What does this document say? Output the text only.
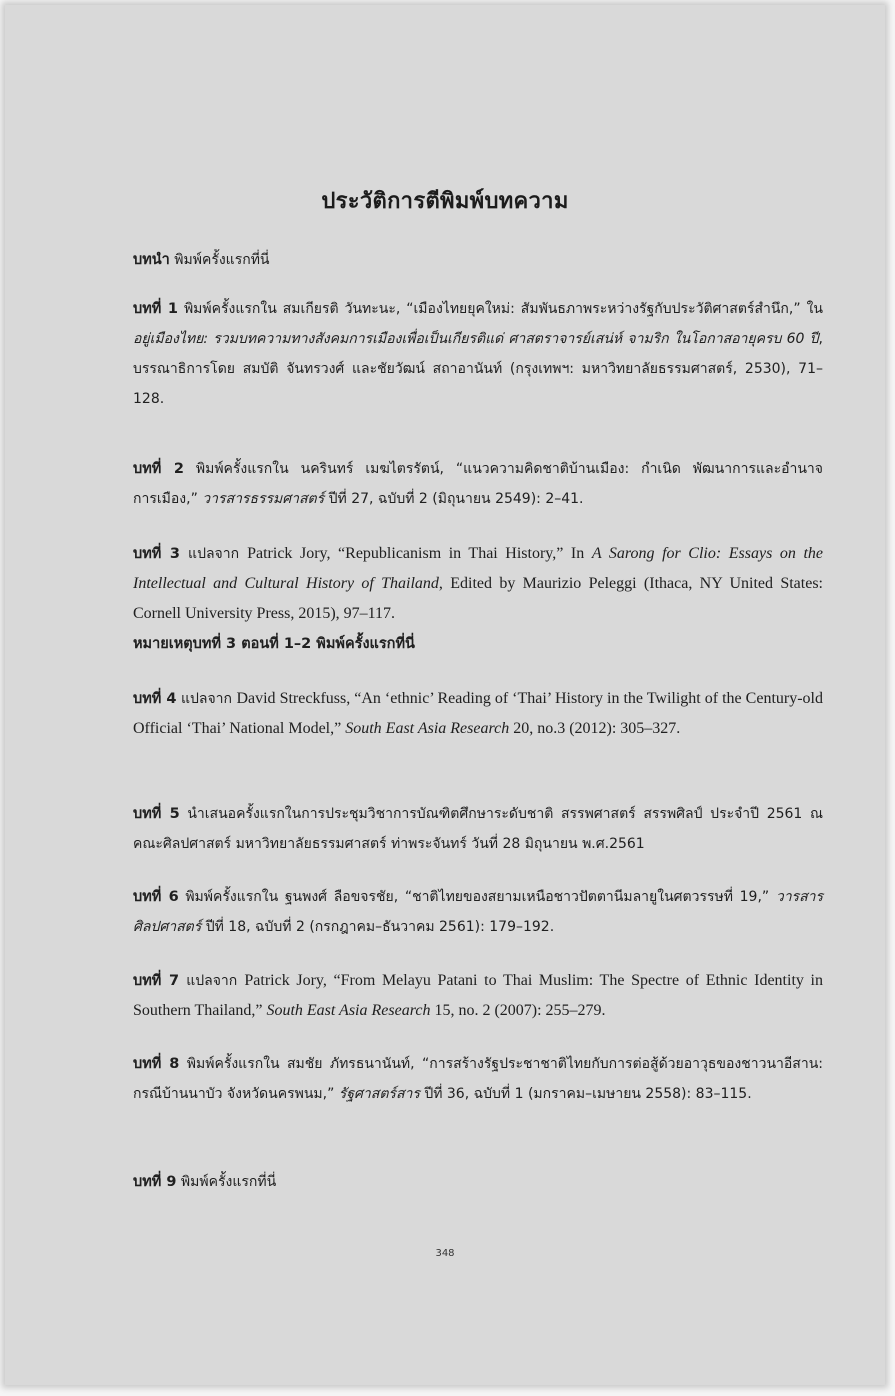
ประวัติการตีพิมพ์บทความ
บทนำ พิมพ์ครั้งแรกที่นี่
บทที่ 1 พิมพ์ครั้งแรกใน สมเกียรติ วันทะนะ, “เมืองไทยยุคใหม่: สัมพันธภาพระหว่างรัฐกับประวัติศาสตร์สำนึก,” ใน อยู่เมืองไทย: รวมบทความทางสังคมการเมืองเพื่อเป็นเกียรติแด่ ศาสตราจารย์เสน่ห์ จามริก ในโอกาสอายุครบ 60 ปี, บรรณาธิการโดย สมบัติ จันทรวงศ์ และชัยวัฒน์ สถาอานันท์ (กรุงเทพฯ: มหาวิทยาลัยธรรมศาสตร์, 2530), 71–128.
บทที่ 2 พิมพ์ครั้งแรกใน นครินทร์ เมฆไตรรัตน์, “แนวความคิดชาติบ้านเมือง: กำเนิด พัฒนาการและอำนาจการเมือง,” วารสารธรรมศาสตร์ ปีที่ 27, ฉบับที่ 2 (มิถุนายน 2549): 2–41.
บทที่ 3 แปลจาก Patrick Jory, “Republicanism in Thai History,” In A Sarong for Clio: Essays on the Intellectual and Cultural History of Thailand, Edited by Maurizio Peleggi (Ithaca, NY United States: Cornell University Press, 2015), 97–117.
หมายเหตุบทที่ 3 ตอนที่ 1–2 พิมพ์ครั้งแรกที่นี่
บทที่ 4 แปลจาก David Streckfuss, “An ‘ethnic’ Reading of ‘Thai’ History in the Twilight of the Century-old Official ‘Thai’ National Model,” South East Asia Research 20, no.3 (2012): 305–327.
บทที่ 5 นำเสนอครั้งแรกในการประชุมวิชาการบัณฑิตศึกษาระดับชาติ สรรพศาสตร์ สรรพศิลป์ ประจำปี 2561 ณ คณะศิลปศาสตร์ มหาวิทยาลัยธรรมศาสตร์ ท่าพระจันทร์ วันที่ 28 มิถุนายน พ.ศ.2561
บทที่ 6 พิมพ์ครั้งแรกใน ฐนพงศ์ ลือขจรชัย, “ชาติไทยของสยามเหนือชาวปัตตานีมลายูในศตวรรษที่ 19,” วารสารศิลปศาสตร์ ปีที่ 18, ฉบับที่ 2 (กรกฎาคม–ธันวาคม 2561): 179–192.
บทที่ 7 แปลจาก Patrick Jory, “From Melayu Patani to Thai Muslim: The Spectre of Ethnic Identity in Southern Thailand,” South East Asia Research 15, no. 2 (2007): 255–279.
บทที่ 8 พิมพ์ครั้งแรกใน สมชัย ภัทรธนานันท์, “การสร้างรัฐประชาชาติไทยกับการต่อสู้ด้วยอาวุธของชาวนาอีสาน: กรณีบ้านนาบัว จังหวัดนครพนม,” รัฐศาสตร์สาร ปีที่ 36, ฉบับที่ 1 (มกราคม–เมษายน 2558): 83–115.
บทที่ 9 พิมพ์ครั้งแรกที่นี่
348
